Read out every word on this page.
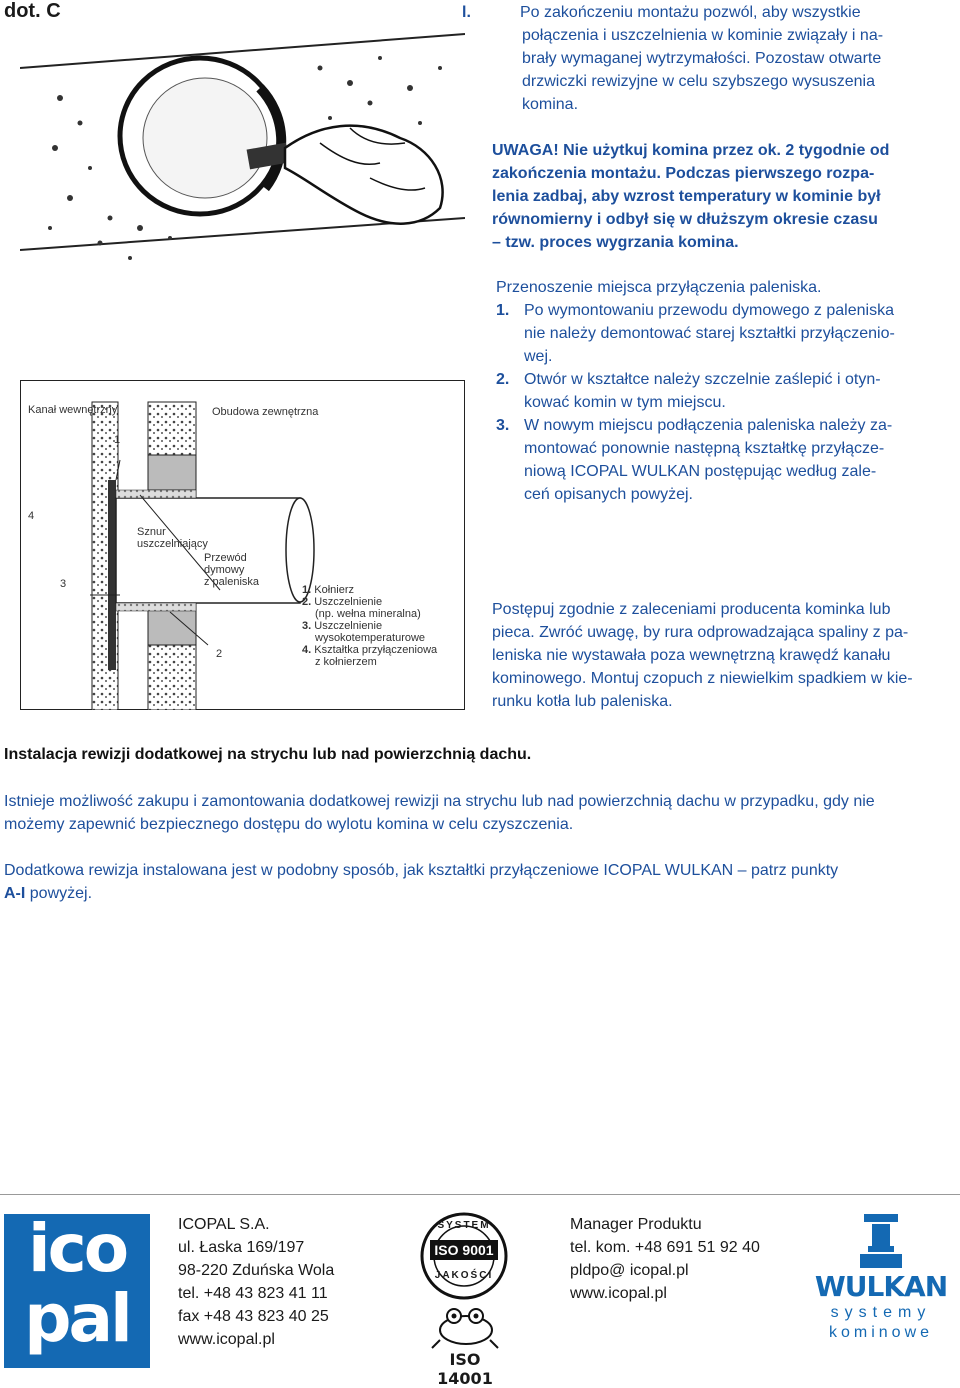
dot. C	l.	Po zakończeniu montażu pozwól, aby wszystkie
połączenia i uszczelnienia w kominie związały i na-
brały wymaganej wytrzymałości. Pozostaw otwarte
drzwiczki rewizyjne w celu szybszego wysuszenia
komina.
UWAGA! Nie użytkuj komina przez ok. 2 tygodnie od
zakończenia montażu. Podczas pierwszego rozpa-
lenia zadbaj, aby wzrost temperatury w kominie był
równomierny i odbył się w dłuższym okresie czasu
– tzw. proces wygrzania komina.
Przenoszenie miejsca przyłączenia paleniska.
1. Po wymontowaniu przewodu dymowego z paleniska
nie należy demontować starej kształtki przyłączenio-
wej.
2. Otwór w kształtce należy szczelnie zaślepić i otyn-
kować komin w tym miejscu.
3. W nowym miejscu podłączenia paleniska należy za-
montować ponownie następną kształtkę przyłącze-
niową ICOPAL WULKAN postępując według zale-
ceń opisanych powyżej.
Kanał wewnętrzny	Obudowa zewnętrzna
1
4
3
2
Sznur
uszczelniający
Przewód
dymowy
z paleniska
1. Kołnierz
2. Uszczelnienie
(np. wełna mineralna)
3. Uszczelnienie
wysokotemperaturowe
4. Kształtka przyłączeniowa
z kołnierzem
Postępuj zgodnie z zaleceniami producenta kominka lub
pieca. Zwróć uwagę, by rura odprowadzająca spaliny z pa-
leniska nie wystawała poza wewnętrzną krawędź kanału
kominowego. Montuj czopuch z niewielkim spadkiem w kie-
runku kotła lub paleniska.
Instalacja rewizji dodatkowej na strychu lub nad powierzchnią dachu.
Istnieje możliwość zakupu i zamontowania dodatkowej rewizji na strychu lub nad powierzchnią dachu w przypadku, gdy nie
możemy zapewnić bezpiecznego dostępu do wylotu komina w celu czyszczenia.
Dodatkowa rewizja instalowana jest w podobny sposób, jak kształtki przyłączeniowe ICOPAL WULKAN – patrz punkty
A-I powyżej.
ico
pal
ICOPAL S.A.
ul. Łaska 169/197
98-220 Zduńska Wola
tel. +48 43 823 41 11
fax +48 43 823 40 25
www.icopal.pl
SYSTEM
ISO 9001
JAKOŚCI
ISO 14001
Manager Produktu
tel. kom. +48 691 51 92 40
pldpo@ icopal.pl
www.icopal.pl	WULKAN
systemy
kominowe
